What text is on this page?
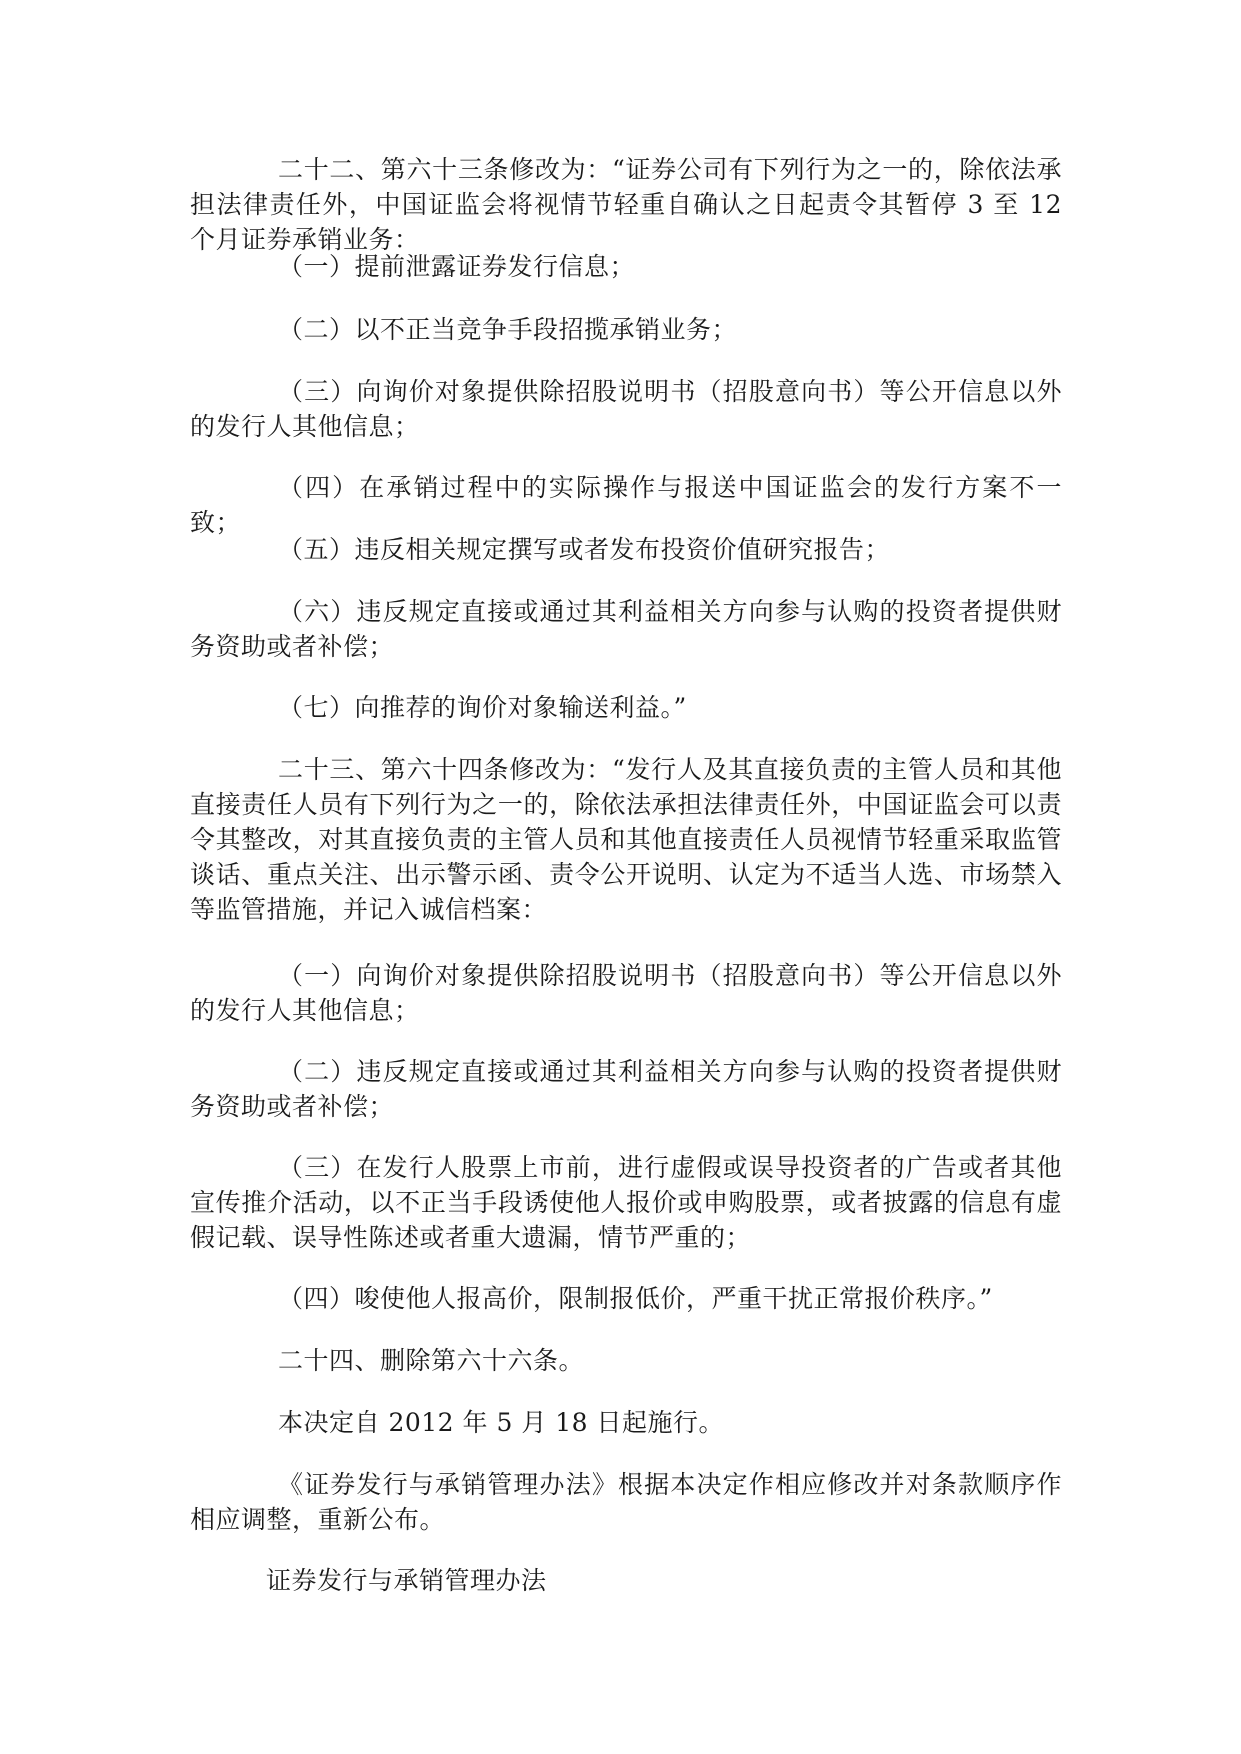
二十二、第六十三条修改为：“证券公司有下列行为之一的，除依法承担法律责任外，中国证监会将视情节轻重自确认之日起责令其暂停 3 至 12 个月证券承销业务：

（一）提前泄露证券发行信息；

（二）以不正当竞争手段招揽承销业务；

（三）向询价对象提供除招股说明书（招股意向书）等公开信息以外的发行人其他信息；

（四）在承销过程中的实际操作与报送中国证监会的发行方案不一致；

（五）违反相关规定撰写或者发布投资价值研究报告；

（六）违反规定直接或通过其利益相关方向参与认购的投资者提供财务资助或者补偿；

（七）向推荐的询价对象输送利益。”

二十三、第六十四条修改为：“发行人及其直接负责的主管人员和其他直接责任人员有下列行为之一的，除依法承担法律责任外，中国证监会可以责令其整改，对其直接负责的主管人员和其他直接责任人员视情节轻重采取监管谈话、重点关注、出示警示函、责令公开说明、认定为不适当人选、市场禁入等监管措施，并记入诚信档案：

（一）向询价对象提供除招股说明书（招股意向书）等公开信息以外的发行人其他信息；

（二）违反规定直接或通过其利益相关方向参与认购的投资者提供财务资助或者补偿；

（三）在发行人股票上市前，进行虚假或误导投资者的广告或者其他宣传推介活动，以不正当手段诱使他人报价或申购股票，或者披露的信息有虚假记载、误导性陈述或者重大遗漏，情节严重的；

（四）唆使他人报高价，限制报低价，严重干扰正常报价秩序。”

二十四、删除第六十六条。

本决定自 2012 年 5 月 18 日起施行。

《证券发行与承销管理办法》根据本决定作相应修改并对条款顺序作相应调整，重新公布。

证券发行与承销管理办法
